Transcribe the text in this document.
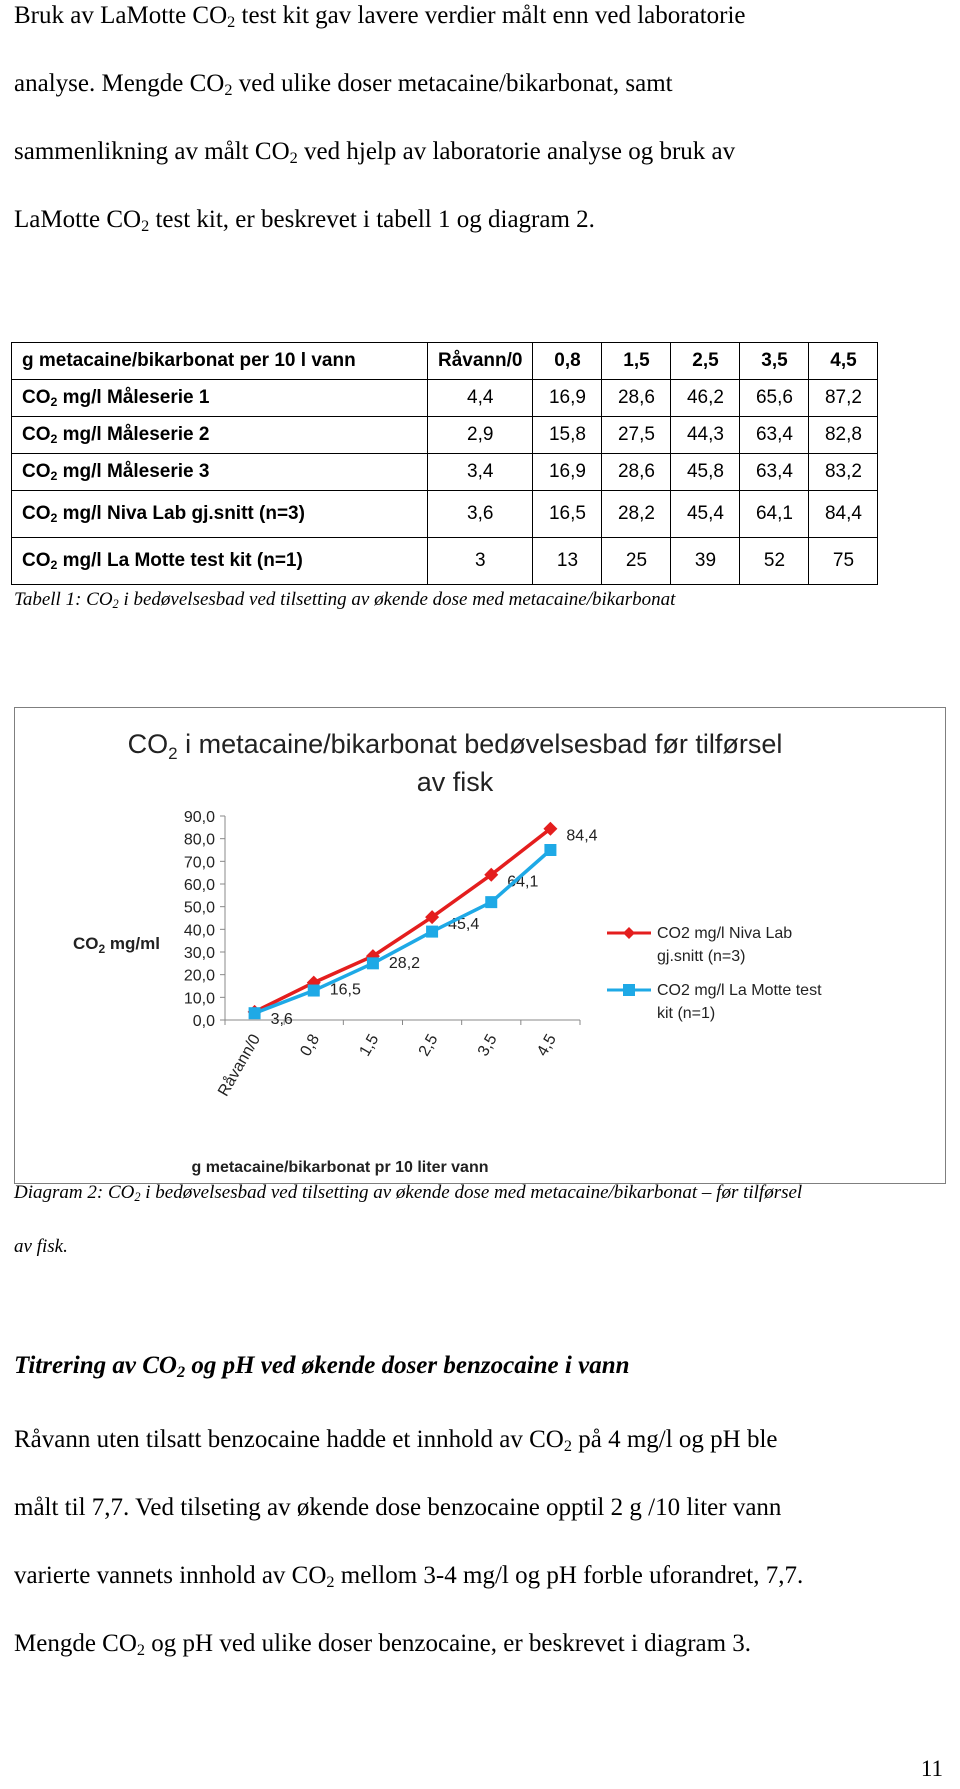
Bruk av LaMotte $CO_2$ test kit gav lavere verdier målt enn ved laboratorie

analyse. Mengde $CO_2$ ved ulike doser metacaine/bikarbonat, samt

sammenlikning av målt $CO_2$ ved hjelp av laboratorie analyse og bruk av

LaMotte $CO_2$ test kit, er beskrevet i tabell 1 og diagram 2.

g metacaine/bikarbonat per 10 l vann	Råvann/0	0,8	1,5	2,5	3,5	4,5
$CO_2$ mg/l Måleserie 1	4,4	16,9	28,6	46,2	65,6	87,2
$CO_2$ mg/l Måleserie 2	2,9	15,8	27,5	44,3	63,4	82,8
$CO_2$ mg/l Måleserie 3	3,4	16,9	28,6	45,8	63,4	83,2
$CO_2$ mg/l Niva Lab gj.snitt (n=3)	3,6	16,5	28,2	45,4	64,1	84,4
$CO_2$ mg/l La Motte test kit (n=1)	3	13	25	39	52	75

Tabell 1: $CO_2$ i bedøvelsesbad ved tilsetting av økende dose med metacaine/bikarbonat

$CO_2$ i metacaine/bikarbonat bedøvelsesbad før tilførsel
av fisk
$CO_2$ mg/ml
g metacaine/bikarbonat pr 10 liter vann
0,0
10,0
20,0
30,0
40,0
50,0
60,0
70,0
80,0
90,0
Råvann/0 0,8 1,5 2,5 3,5 4,5
3,6
16,5
28,2
45,4
64,1
84,4
CO2 mg/l Niva Lab
gj.snitt (n=3)
CO2 mg/l La Motte test
kit (n=1)

Diagram 2: $CO_2$ i bedøvelsesbad ved tilsetting av økende dose med metacaine/bikarbonat – før tilførsel

av fisk.

Titrering av $CO_2$ og pH ved økende doser benzocaine i vann

Råvann uten tilsatt benzocaine hadde et innhold av $CO_2$ på 4 mg/l og pH ble

målt til 7,7. Ved tilseting av økende dose benzocaine opptil 2 g /10 liter vann

varierte vannets innhold av $CO_2$ mellom 3-4 mg/l og pH forble uforandret, 7,7.

Mengde $CO_2$ og pH ved ulike doser benzocaine, er beskrevet i diagram 3.

11
